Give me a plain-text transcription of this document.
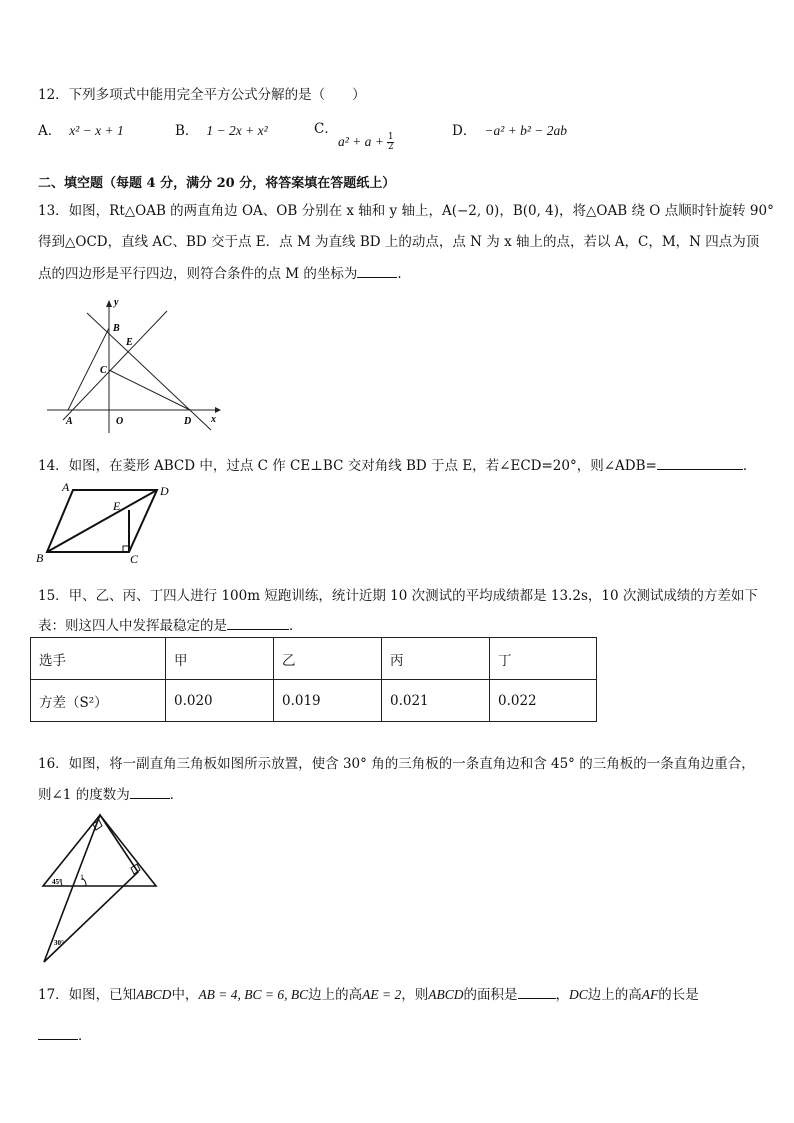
12．下列多项式中能用完全平方公式分解的是（　　）
A． x² − x + 1	B． 1 − 2x + x²	C．
$a^2 + a + \frac{1}{2}$
D． −a² + b² − 2ab
二、填空题（每题 4 分，满分 20 分，将答案填在答题纸上）
13．如图，Rt△OAB 的两直角边 OA、OB 分别在 x 轴和 y 轴上，A(−2, 0)，B(0, 4)，将△OAB 绕 O 点顺时针旋转 90°
得到△OCD，直线 AC、BD 交于点 E．点 M 为直线 BD 上的动点，点 N 为 x 轴上的点，若以 A，C，M，N 四点为顶
点的四边形是平行四边，则符合条件的点 M 的坐标为	．
y
x
B
E
C
A	O	D
14．如图，在菱形 ABCD 中，过点 C 作 CE⊥BC 交对角线 BD 于点 E，若∠ECD=20°，则∠ADB=	．
A	D
E
B	C
15．甲、乙、丙、丁四人进行 100m 短跑训练，统计近期 10 次测试的平均成绩都是 13.2s，10 次测试成绩的方差如下
表：则这四人中发挥最稳定的是	．
选手	甲	乙	丙	丁
方差（S²）	0.020	0.019	0.021	0.022
16．如图，将一副直角三角板如图所示放置，使含 30° 角的三角板的一条直角边和含 45° 的三角板的一条直角边重合，
则∠1 的度数为	．
45° 1
30°
17．如图，已知ABCD中，AB = 4, BC = 6, BC边上的高AE = 2，则ABCD的面积是	，DC边上的高AF的长是
．
